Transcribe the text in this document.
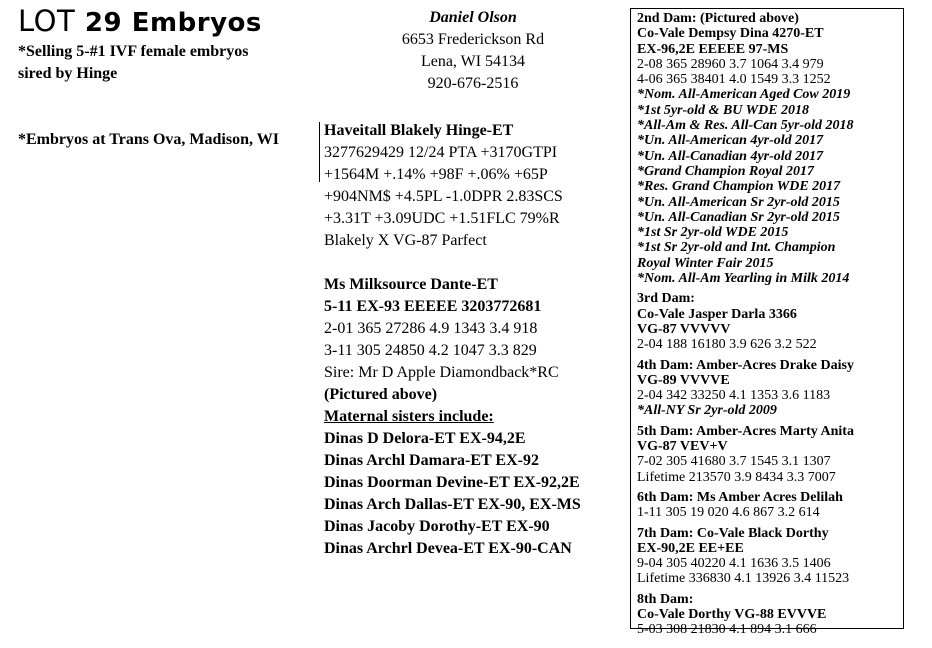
LOT 29 Embryos
*Selling 5-#1 IVF female embryos
sired by Hinge
*Embryos at Trans Ova, Madison, WI
Daniel Olson
6653 Frederickson Rd
Lena, WI 54134
920-676-2516
Haveitall Blakely Hinge-ET
3277629429 12/24 PTA +3170GTPI
+1564M +.14% +98F +.06% +65P
+904NM$ +4.5PL -1.0DPR 2.83SCS
+3.31T +3.09UDC +1.51FLC 79%R
Blakely X VG-87 Parfect
Ms Milksource Dante-ET
5-11 EX-93 EEEEE 3203772681
2-01 365 27286 4.9 1343 3.4 918
3-11 305 24850 4.2 1047 3.3 829
Sire: Mr D Apple Diamondback*RC
(Pictured above)
Maternal sisters include:
Dinas D Delora-ET EX-94,2E
Dinas Archl Damara-ET EX-92
Dinas Doorman Devine-ET EX-92,2E
Dinas Arch Dallas-ET EX-90, EX-MS
Dinas Jacoby Dorothy-ET EX-90
Dinas Archrl Devea-ET EX-90-CAN
2nd Dam: (Pictured above)
Co-Vale Dempsy Dina 4270-ET
EX-96,2E EEEEE 97-MS
2-08 365 28960 3.7 1064 3.4 979
4-06 365 38401 4.0 1549 3.3 1252
*Nom. All-American Aged Cow 2019
*1st 5yr-old & BU WDE 2018
*All-Am & Res. All-Can 5yr-old 2018
*Un. All-American 4yr-old 2017
*Un. All-Canadian 4yr-old 2017
*Grand Champion Royal 2017
*Res. Grand Champion WDE 2017
*Un. All-American Sr 2yr-old 2015
*Un. All-Canadian Sr 2yr-old 2015
*1st Sr 2yr-old WDE 2015
*1st Sr 2yr-old and Int. Champion
Royal Winter Fair 2015
*Nom. All-Am Yearling in Milk 2014
3rd Dam:
Co-Vale Jasper Darla 3366
VG-87 VVVVV
2-04 188 16180 3.9 626 3.2 522
4th Dam: Amber-Acres Drake Daisy
VG-89 VVVVE
2-04 342 33250 4.1 1353 3.6 1183
*All-NY Sr 2yr-old 2009
5th Dam: Amber-Acres Marty Anita
VG-87 VEV+V
7-02 305 41680 3.7 1545 3.1 1307
Lifetime 213570 3.9 8434 3.3 7007
6th Dam: Ms Amber Acres Delilah
1-11 305 19 020 4.6 867 3.2 614
7th Dam: Co-Vale Black Dorthy
EX-90,2E EE+EE
9-04 305 40220 4.1 1636 3.5 1406
Lifetime 336830 4.1 13926 3.4 11523
8th Dam:
Co-Vale Dorthy VG-88 EVVVE
5-03 308 21830 4.1 894 3.1 666
